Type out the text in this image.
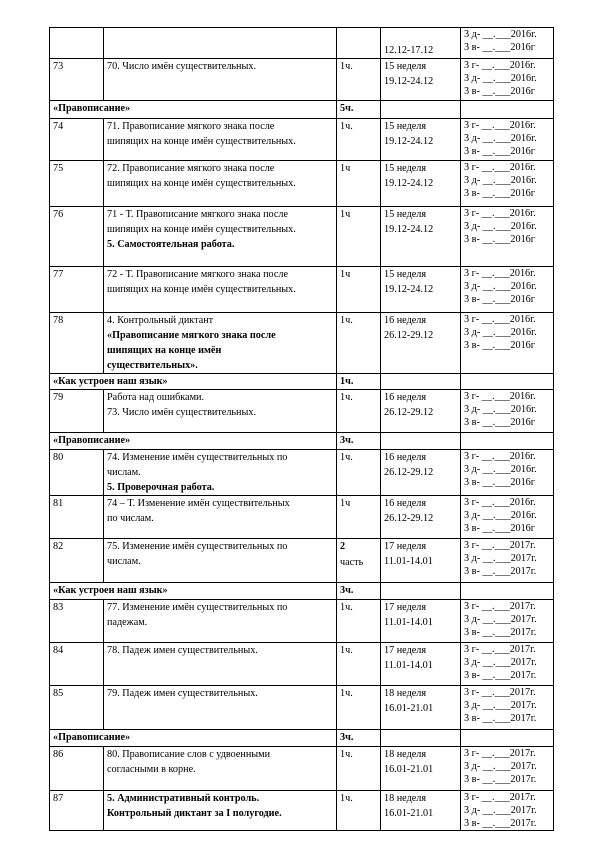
			12.12-17.12	3 д- __.___2016г.
3 в- __.___2016г

73	70. Число имён существительных.	1ч.	15 неделя
19.12-24.12	3 г- __.___2016г.
3 д- __.___2016г.
3 в- __.___2016г

«Правописание»		5ч.		
74	71. Правописание мягкого знака после
шипящих на конце имён существительных.	1ч.	15 неделя
19.12-24.12	3 г- __.___2016г.
3 д- __.___2016г.
3 в- __.___2016г

75	72. Правописание мягкого знака после
шипящих на конце имён существительных.	1ч	15 неделя
19.12-24.12	3 г- __.___2016г.
3 д- __.___2016г.
3 в- __.___2016г

76	71 - Т. Правописание мягкого знака после
шипящих на конце имён существительных.
5. Самостоятельная работа.	1ч	15 неделя
19.12-24.12	3 г- __.___2016г.
3 д- __.___2016г.
3 в- __.___2016г

77	72 - Т. Правописание мягкого знака после
шипящих на конце имён существительных.	1ч	15 неделя
19.12-24.12	3 г- __.___2016г.
3 д- __.___2016г.
3 в- __.___2016г

78	4. Контрольный диктант
«Правописание мягкого знака после
шипящих на конце имён
существительных».	1ч.	16 неделя
26.12-29.12	3 г- __.___2016г.
3 д- __.___2016г.
3 в- __.___2016г

«Как устроен наш язык»		1ч.		
79	Работа над ошибками.
73. Число имён существительных.	1ч.	16 неделя
26.12-29.12	3 г- __.___2016г.
3 д- __.___2016г.
3 в- __.___2016г

«Правописание»		3ч.		
80	74. Изменение имён существительных по
числам.
5. Проверочная работа.	1ч.	16 неделя
26.12-29.12	3 г- __.___2016г.
3 д- __.___2016г.
3 в- __.___2016г

81	74 – Т. Изменение имён существительных
по числам.	1ч	16 неделя
26.12-29.12	3 г- __.___2016г.
3 д- __.___2016г.
3 в- __.___2016г

82	75. Изменение имён существительных по
числам.	2
часть	17 неделя
11.01-14.01	3 г- __.___2017г.
3 д- __.___2017г.
3 в- __.___2017г.

«Как устроен наш язык»		3ч.		
83	77. Изменение имён существительных по
падежам.	1ч.	17 неделя
11.01-14.01	3 г- __.___2017г.
3 д- __.___2017г.
3 в- __.___2017г.

84	78. Падеж имен существительных.	1ч.	17 неделя
11.01-14.01	3 г- __.___2017г.
3 д- __.___2017г.
3 в- __.___2017г.

85	79. Падеж имен существительных.	1ч.	18 неделя
16.01-21.01	3 г- __.___2017г.
3 д- __.___2017г.
3 в- __.___2017г.

«Правописание»		3ч.		
86	80. Правописание слов с удвоенными
согласными в корне.	1ч.	18 неделя
16.01-21.01	3 г- __.___2017г.
3 д- __.___2017г.
3 в- __.___2017г.

87	5. Административный контроль.
Контрольный диктант за I полугодие.	1ч.	18 неделя
16.01-21.01	3 г- __.___2017г.
3 д- __.___2017г.
3 в- __.___2017г.
